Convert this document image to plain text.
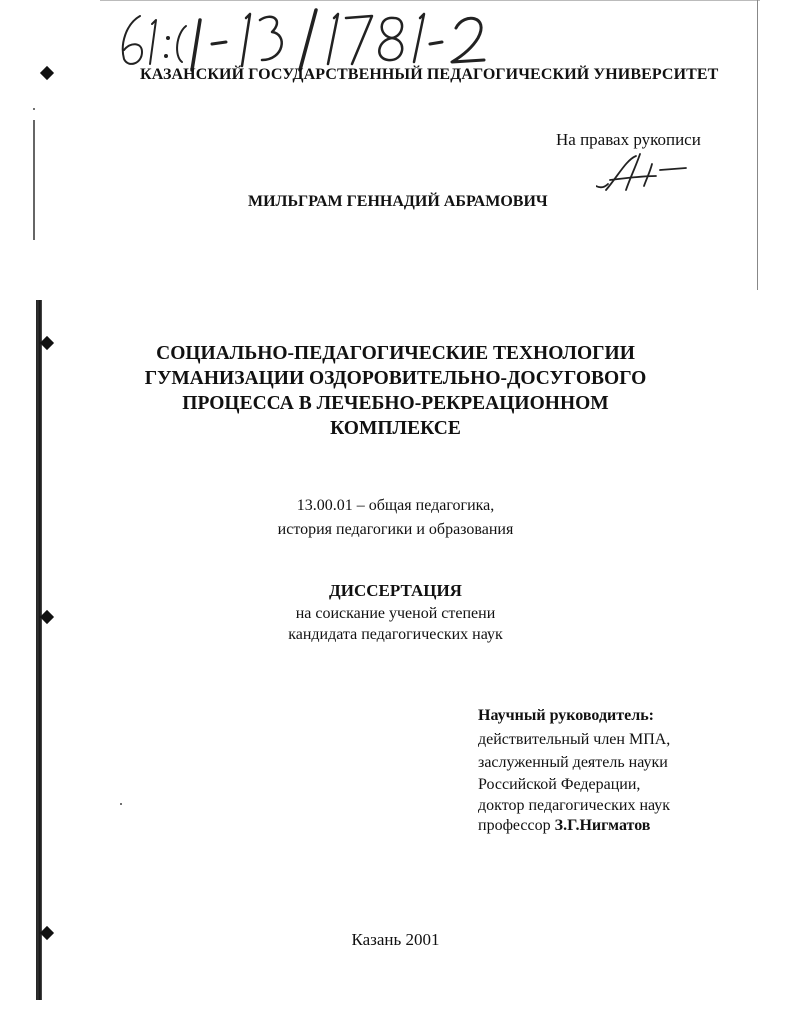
КАЗАНСКИЙ ГОСУДАРСТВЕННЫЙ ПЕДАГОГИЧЕСКИЙ УНИВЕРСИТЕТ
На правах рукописи
МИЛЬГРАМ ГЕННАДИЙ АБРАМОВИЧ
СОЦИАЛЬНО-ПЕДАГОГИЧЕСКИЕ ТЕХНОЛОГИИ
ГУМАНИЗАЦИИ ОЗДОРОВИТЕЛЬНО-ДОСУГОВОГО
ПРОЦЕССА В ЛЕЧЕБНО-РЕКРЕАЦИОННОМ
КОМПЛЕКСЕ
13.00.01 – общая педагогика,
история педагогики и образования
ДИССЕРТАЦИЯ
на соискание ученой степени
кандидата педагогических наук
Научный руководитель:
действительный член МПА,
заслуженный деятель науки
Российской Федерации,
доктор педагогических наук
профессор З.Г.Нигматов
Казань 2001
